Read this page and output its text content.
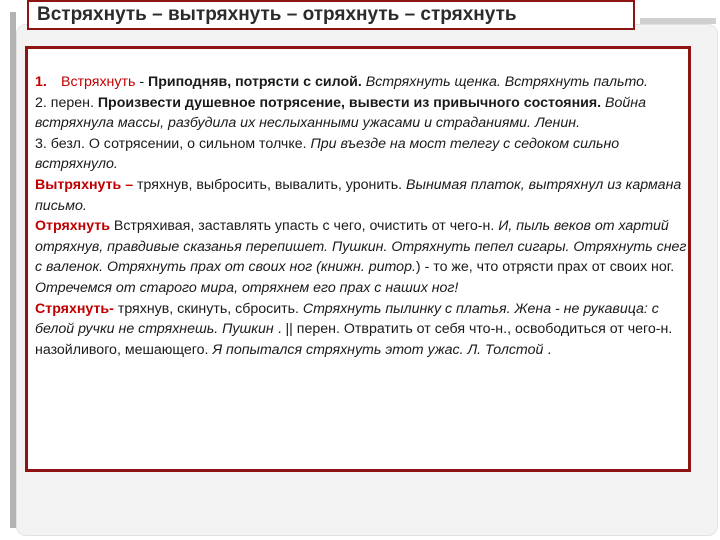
Встряхнуть – вытряхнуть – отряхнуть – стряхнуть

1. Встряхнуть - Приподняв, потрясти с силой. Встряхнуть щенка. Встряхнуть пальто.

2. перен. Произвести душевное потрясение, вывести из привычного состояния. Война встряхнула массы, разбудила их неслыханными ужасами и страданиями. Ленин.

3. безл. О сотрясении, о сильном толчке. При въезде на мост телегу с седоком сильно встряхнуло.

Вытряхнуть – тряхнув, выбросить, вывалить, уронить. Вынимая платок, вытряхнул из кармана письмо.

Отряхнуть Встряхивая, заставлять упасть с чего, очистить от чего-н. И, пыль веков от хартий отряхнув, правдивые сказанья перепишет. Пушкин. Отряхнуть пепел сигары. Отряхнуть снег с валенок. Отряхнуть прах от своих ног (книжн. ритор.) - то же, что отрясти прах от своих ног. Отречемся от старого мира, отряхнем его прах с наших ног!

Стряхнуть- тряхнув, скинуть, сбросить. Стряхнуть пылинку с платья. Жена - не рукавица: с белой ручки не стряхнешь. Пушкин . || перен. Отвратить от себя что-н., освободиться от чего-н. назойливого, мешающего. Я попытался стряхнуть этот ужас. Л. Толстой .
